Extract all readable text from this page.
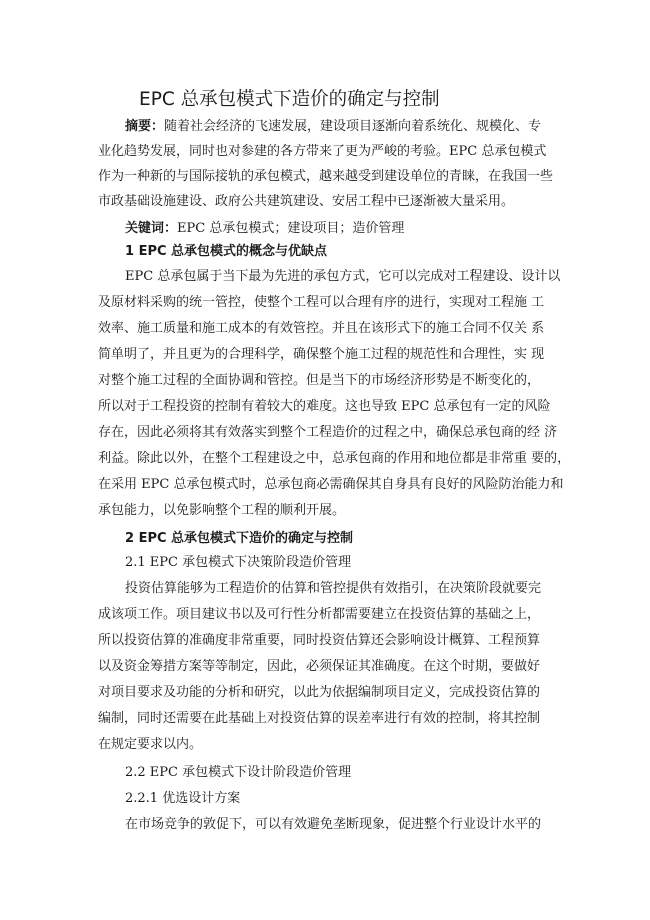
EPC 总承包模式下造价的确定与控制
摘要：随着社会经济的飞速发展，建设项目逐渐向着系统化、规模化、专
业化趋势发展，同时也对参建的各方带来了更为严峻的考验。EPC 总承包模式
作为一种新的与国际接轨的承包模式，越来越受到建设单位的青睐，在我国一些
市政基础设施建设、政府公共建筑建设、安居工程中已逐渐被大量采用。
关键词：EPC 总承包模式；建设项目；造价管理
1 EPC 总承包模式的概念与优缺点
EPC 总承包属于当下最为先进的承包方式，它可以完成对工程建设、设计以
及原材料采购的统一管控，使整个工程可以合理有序的进行，实现对工程施 工
效率、施工质量和施工成本的有效管控。并且在该形式下的施工合同不仅关 系
简单明了，并且更为的合理科学，确保整个施工过程的规范性和合理性，实 现
对整个施工过程的全面协调和管控。但是当下的市场经济形势是不断变化的，
所以对于工程投资的控制有着较大的难度。这也导致 EPC 总承包有一定的风险
存在，因此必须将其有效落实到整个工程造价的过程之中，确保总承包商的经 济
利益。除此以外，在整个工程建设之中，总承包商的作用和地位都是非常重 要的，
在采用 EPC 总承包模式时，总承包商必需确保其自身具有良好的风险防治能力和
承包能力，以免影响整个工程的顺利开展。
2 EPC 总承包模式下造价的确定与控制
2.1 EPC 承包模式下决策阶段造价管理
投资估算能够为工程造价的估算和管控提供有效指引，在决策阶段就要完
成该项工作。项目建议书以及可行性分析都需要建立在投资估算的基础之上，
所以投资估算的准确度非常重要，同时投资估算还会影响设计概算、工程预算
以及资金筹措方案等等制定，因此，必须保证其准确度。在这个时期，要做好
对项目要求及功能的分析和研究，以此为依据编制项目定义，完成投资估算的
编制，同时还需要在此基础上对投资估算的误差率进行有效的控制，将其控制
在规定要求以内。
2.2 EPC 承包模式下设计阶段造价管理
2.2.1 优选设计方案
在市场竞争的敦促下，可以有效避免垄断现象，促进整个行业设计水平的
